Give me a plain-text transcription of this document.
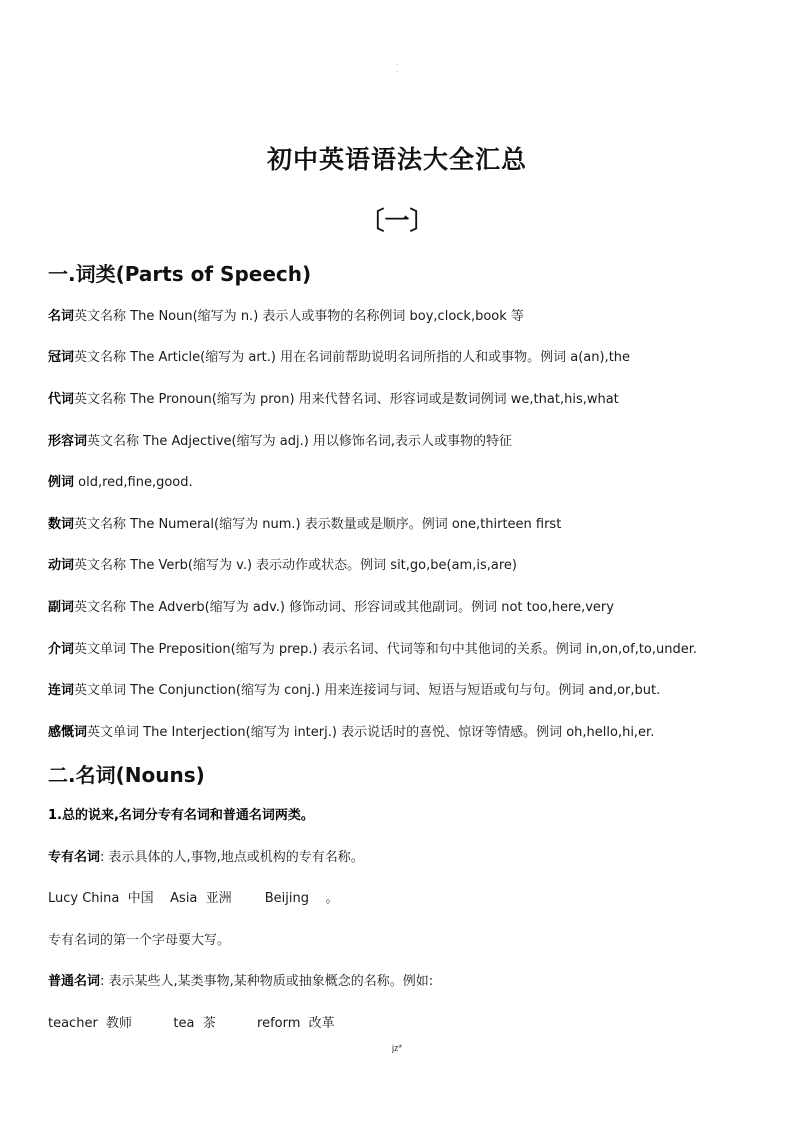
·
·
初中英语语法大全汇总
〔一〕
一.词类(Parts of Speech)
名词英文名称 The Noun(缩写为 n.) 表示人或事物的名称例词 boy,clock,book 等
冠词英文名称 The Article(缩写为 art.) 用在名词前帮助说明名词所指的人和或事物。例词 a(an),the
代词英文名称 The Pronoun(缩写为 pron) 用来代替名词、形容词或是数词例词 we,that,his,what
形容词英文名称 The Adjective(缩写为 adj.) 用以修饰名词,表示人或事物的特征
例词 old,red,fine,good.
数词英文名称 The Numeral(缩写为 num.) 表示数量或是顺序。例词 one,thirteen first
动词英文名称 The Verb(缩写为 v.) 表示动作或状态。例词 sit,go,be(am,is,are)
副词英文名称 The Adverb(缩写为 adv.) 修饰动词、形容词或其他副词。例词 not too,here,very
介词英文单词 The Preposition(缩写为 prep.) 表示名词、代词等和句中其他词的关系。例词 in,on,of,to,under.
连词英文单词 The Conjunction(缩写为 conj.) 用来连接词与词、短语与短语或句与句。例词 and,or,but.
感慨词英文单词 The Interjection(缩写为 interj.) 表示说话时的喜悦、惊讶等情感。例词 oh,hello,hi,er.
二.名词(Nouns)
1.总的说来,名词分专有名词和普通名词两类。
专有名词: 表示具体的人,事物,地点或机构的专有名称。
Lucy China  中国    Asia  亚洲        Beijing    。
专有名词的第一个字母要大写。
普通名词: 表示某些人,某类事物,某种物质或抽象概念的名称。例如:
teacher  教师          tea  茶          reform  改革
jz*
